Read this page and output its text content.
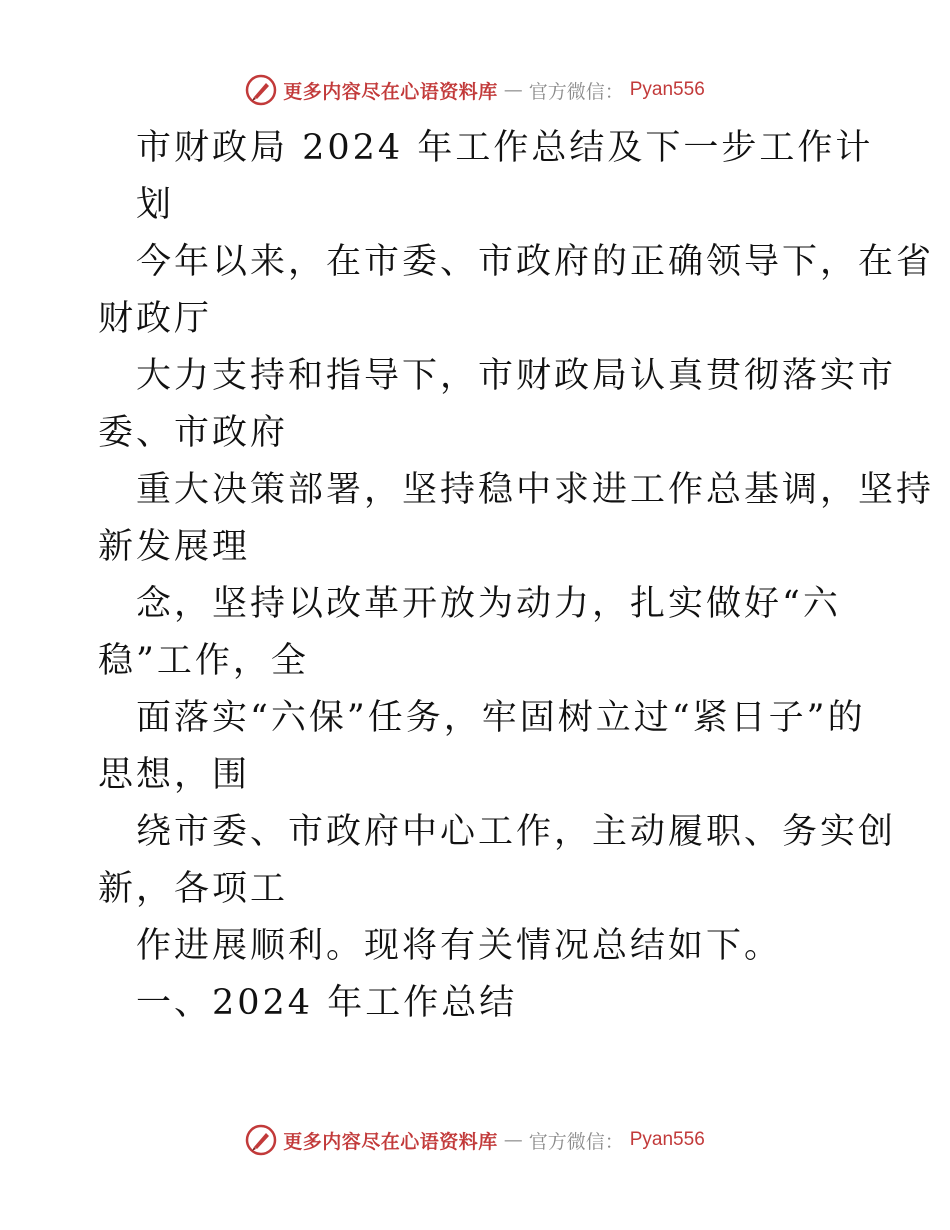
更多内容尽在心语资料库 — 官方微信： Pyan556
市财政局 2024 年工作总结及下一步工作计
划
今年以来，在市委、市政府的正确领导下，在省
财政厅
大力支持和指导下，市财政局认真贯彻落实市
委、市政府
重大决策部署，坚持稳中求进工作总基调，坚持
新发展理
念，坚持以改革开放为动力，扎实做好“六
稳”工作，全
面落实“六保”任务，牢固树立过“紧日子”的
思想，围
绕市委、市政府中心工作，主动履职、务实创
新，各项工
作进展顺利。现将有关情况总结如下。
一、2024 年工作总结
更多内容尽在心语资料库 — 官方微信： Pyan556
